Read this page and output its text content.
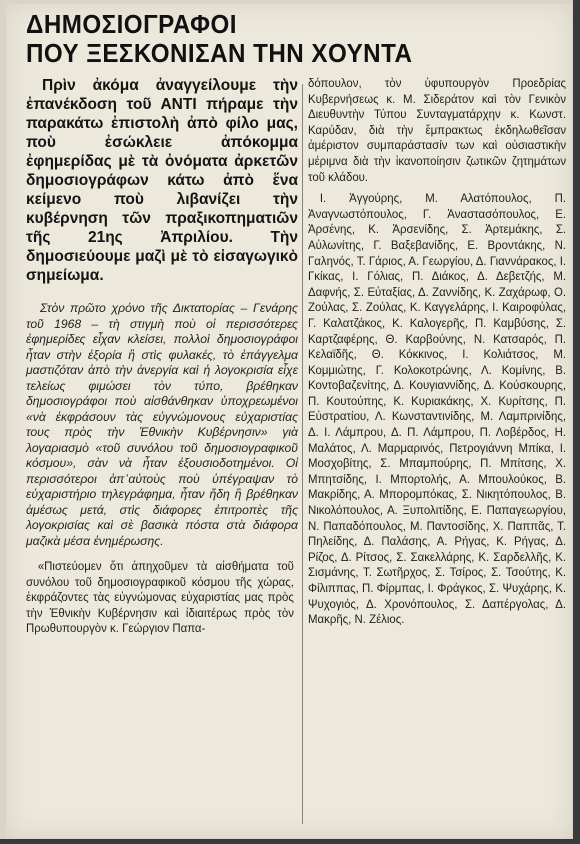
ΔΗΜΟΣΙΟΓΡΑΦΟΙ
ΠΟΥ ΞΕΣΚΟΝΙΣΑΝ ΤΗΝ ΧΟΥΝΤΑ

Πρὶν ἀκόμα ἀναγγείλουμε τὴν ἐπανέκδοση τοῦ ΑΝΤΙ πήραμε τὴν παρακάτω ἐπιστολὴ ἀπὸ φίλο μας, ποὺ ἐσώκλειε ἀπόκομμα ἐφημερίδας μὲ τὰ ὀνόματα ἀρκετῶν δημοσιογράφων κάτω ἀπὸ ἕνα κείμενο ποὺ λιβανίζει τὴν κυβέρνηση τῶν πραξικοπηματιῶν τῆς 21ης Ἀπριλίου. Τὴν δημοσιεύουμε μαζὶ μὲ τὸ εἰσαγωγικὸ σημείωμα.

Στὸν πρῶτο χρόνο τῆς Δικτατορίας – Γενάρης τοῦ 1968 – τὴ στιγμὴ ποὺ οἱ περισσότερες ἐφημερίδες εἶχαν κλείσει, πολλοὶ δημοσιογράφοι ἦταν στὴν ἐξορία ἢ στὶς φυλακές, τὸ ἐπάγγελμα μαστιζόταν ἀπὸ τὴν ἀνεργία καὶ ἡ λογοκρισία εἶχε τελείως φιμώσει τὸν τύπο, βρέθηκαν δημοσιογράφοι ποὺ αἰσθάνθηκαν ὑποχρεωμένοι «νὰ ἐκφράσουν τὰς εὐγνώμονους εὐχαριστίας τους πρὸς τὴν Ἐθνικὴν Κυβέρνησιν» γιὰ λογαριασμὸ «τοῦ συνόλου τοῦ δημοσιογραφικοῦ κόσμου», σὰν νὰ ἦταν ἐξουσιοδοτημένοι. Οἱ περισσότεροι ἀπ᾽αὐτοὺς ποὺ ὑπέγραψαν τὸ εὐχαριστήριο τηλεγράφημα, ἦταν ἤδη ἢ βρέθηκαν ἀμέσως μετά, στὶς διάφορες ἐπιτροπὲς τῆς λογοκρισίας καὶ σὲ βασικὰ πόστα στὰ διάφορα μαζικὰ μέσα ἐνημέρωσης.

«Πιστεύομεν ὅτι ἀπηχοῦμεν τὰ αἰσθήματα τοῦ συνόλου τοῦ δημοσιογραφικοῦ κόσμου τῆς χώρας, ἐκφράζοντες τὰς εὐγνώμονας εὐχαριστίας μας πρὸς τὴν Ἐθνικὴν Κυβέρνησιν καὶ ἰδιαιτέρως πρὸς τὸν Πρωθυπουργὸν κ. Γεώργιον Παπα-

δόπουλον, τὸν ὑφυπουργὸν Προεδρίας Κυβερνήσεως κ. Μ. Σιδεράτον καὶ τὸν Γενικὸν Διευθυντὴν Τύπου Συνταγματάρχην κ. Κωνστ. Καρύδαν, διὰ τὴν ἔμπρακτως ἐκδηλωθεῖσαν ἀμέριστον συμπαράστασίν των καὶ οὐσιαστικὴν μέριμνα διὰ τὴν ἱκανοποίησιν ζωτικῶν ζητημάτων τοῦ κλάδου.

Ι. Ἀγγούρης, Μ. Αλατόπουλος, Π. Ἀναγνωστόπουλος, Γ. Ἀναστασόπουλος, Ε. Ἀρσένης, Κ. Ἀρσενίδης, Σ. Ἀρτεμάκης, Σ. Αὐλωνίτης, Γ. Βαξεβανίδης, Ε. Βροντάκης, Ν. Γαληνός, Τ. Γάριος, Α. Γεωργίου, Δ. Γιαννάρακος, Ι. Γκίκας, Ι. Γόλιας, Π. Διάκος, Δ. Δεβετζής, Μ. Δαφνής, Σ. Εὐταξίας, Δ. Ζαννίδης, Κ. Ζαχάρωφ, Ο. Ζούλας, Σ. Ζούλας, Κ. Καγγελάρης, Ι. Καιροφύλας, Γ. Καλατζάκος, Κ. Καλογερῆς, Π. Καμβύσης, Σ. Καρτζαφέρης, Θ. Καρβούνης, Ν. Κατσαρός, Π. Κελαϊδῆς, Θ. Κόκκινος, Ι. Κολιάτσος, Μ. Κομμιώτης, Γ. Κολοκοτρώνης, Λ. Κομίνης, Β. Κοντοβαζενίτης, Δ. Κουγιαννίδης, Δ. Κούσκουρης, Π. Κουτούπης, Κ. Κυριακάκης, Χ. Κυρίτσης, Π. Εὐστρατίου, Λ. Κωνσταντινίδης, Μ. Λαμπρινίδης, Δ. Ι. Λάμπρου, Δ. Π. Λάμπρου, Π. Λοβέρδος, Η. Μαλάτος, Λ. Μαρμαρινός, Πετρογιάννη Μπίκα, Ι. Μοσχοβίτης, Σ. Μπαμπούρης, Π. Μπίτσης, Χ. Μπητσίδης, Ι. Μπορτολής, Α. Μπουλούκος, Β. Μακρίδης, Α. Μπορομπόκας, Σ. Νικητόπουλος, Β. Νικολόπουλος, Α. Ξυπολιτίδης, Ε. Παπαγεωργίου, Ν. Παπαδόπουλος, Μ. Παντοσίδης, Χ. Παππᾶς, Τ. Πηλείδης, Δ. Παλάσης, Α. Ρήγας, Κ. Ρήγας, Δ. Ρίζος, Δ. Ρίτσος, Σ. Σακελλάρης, Κ. Σαρδελλῆς, Κ. Σισμάνης, Τ. Σωτῆρχος, Σ. Τσίρος, Σ. Τσούτης, Κ. Φίλιππας, Π. Φίρμπας, Ι. Φράγκος, Σ. Ψυχάρης, Κ. Ψυχογιός, Δ. Χρονόπουλος, Σ. Δαπέργολας, Δ. Μακρῆς, Ν. Ζέλιος.
